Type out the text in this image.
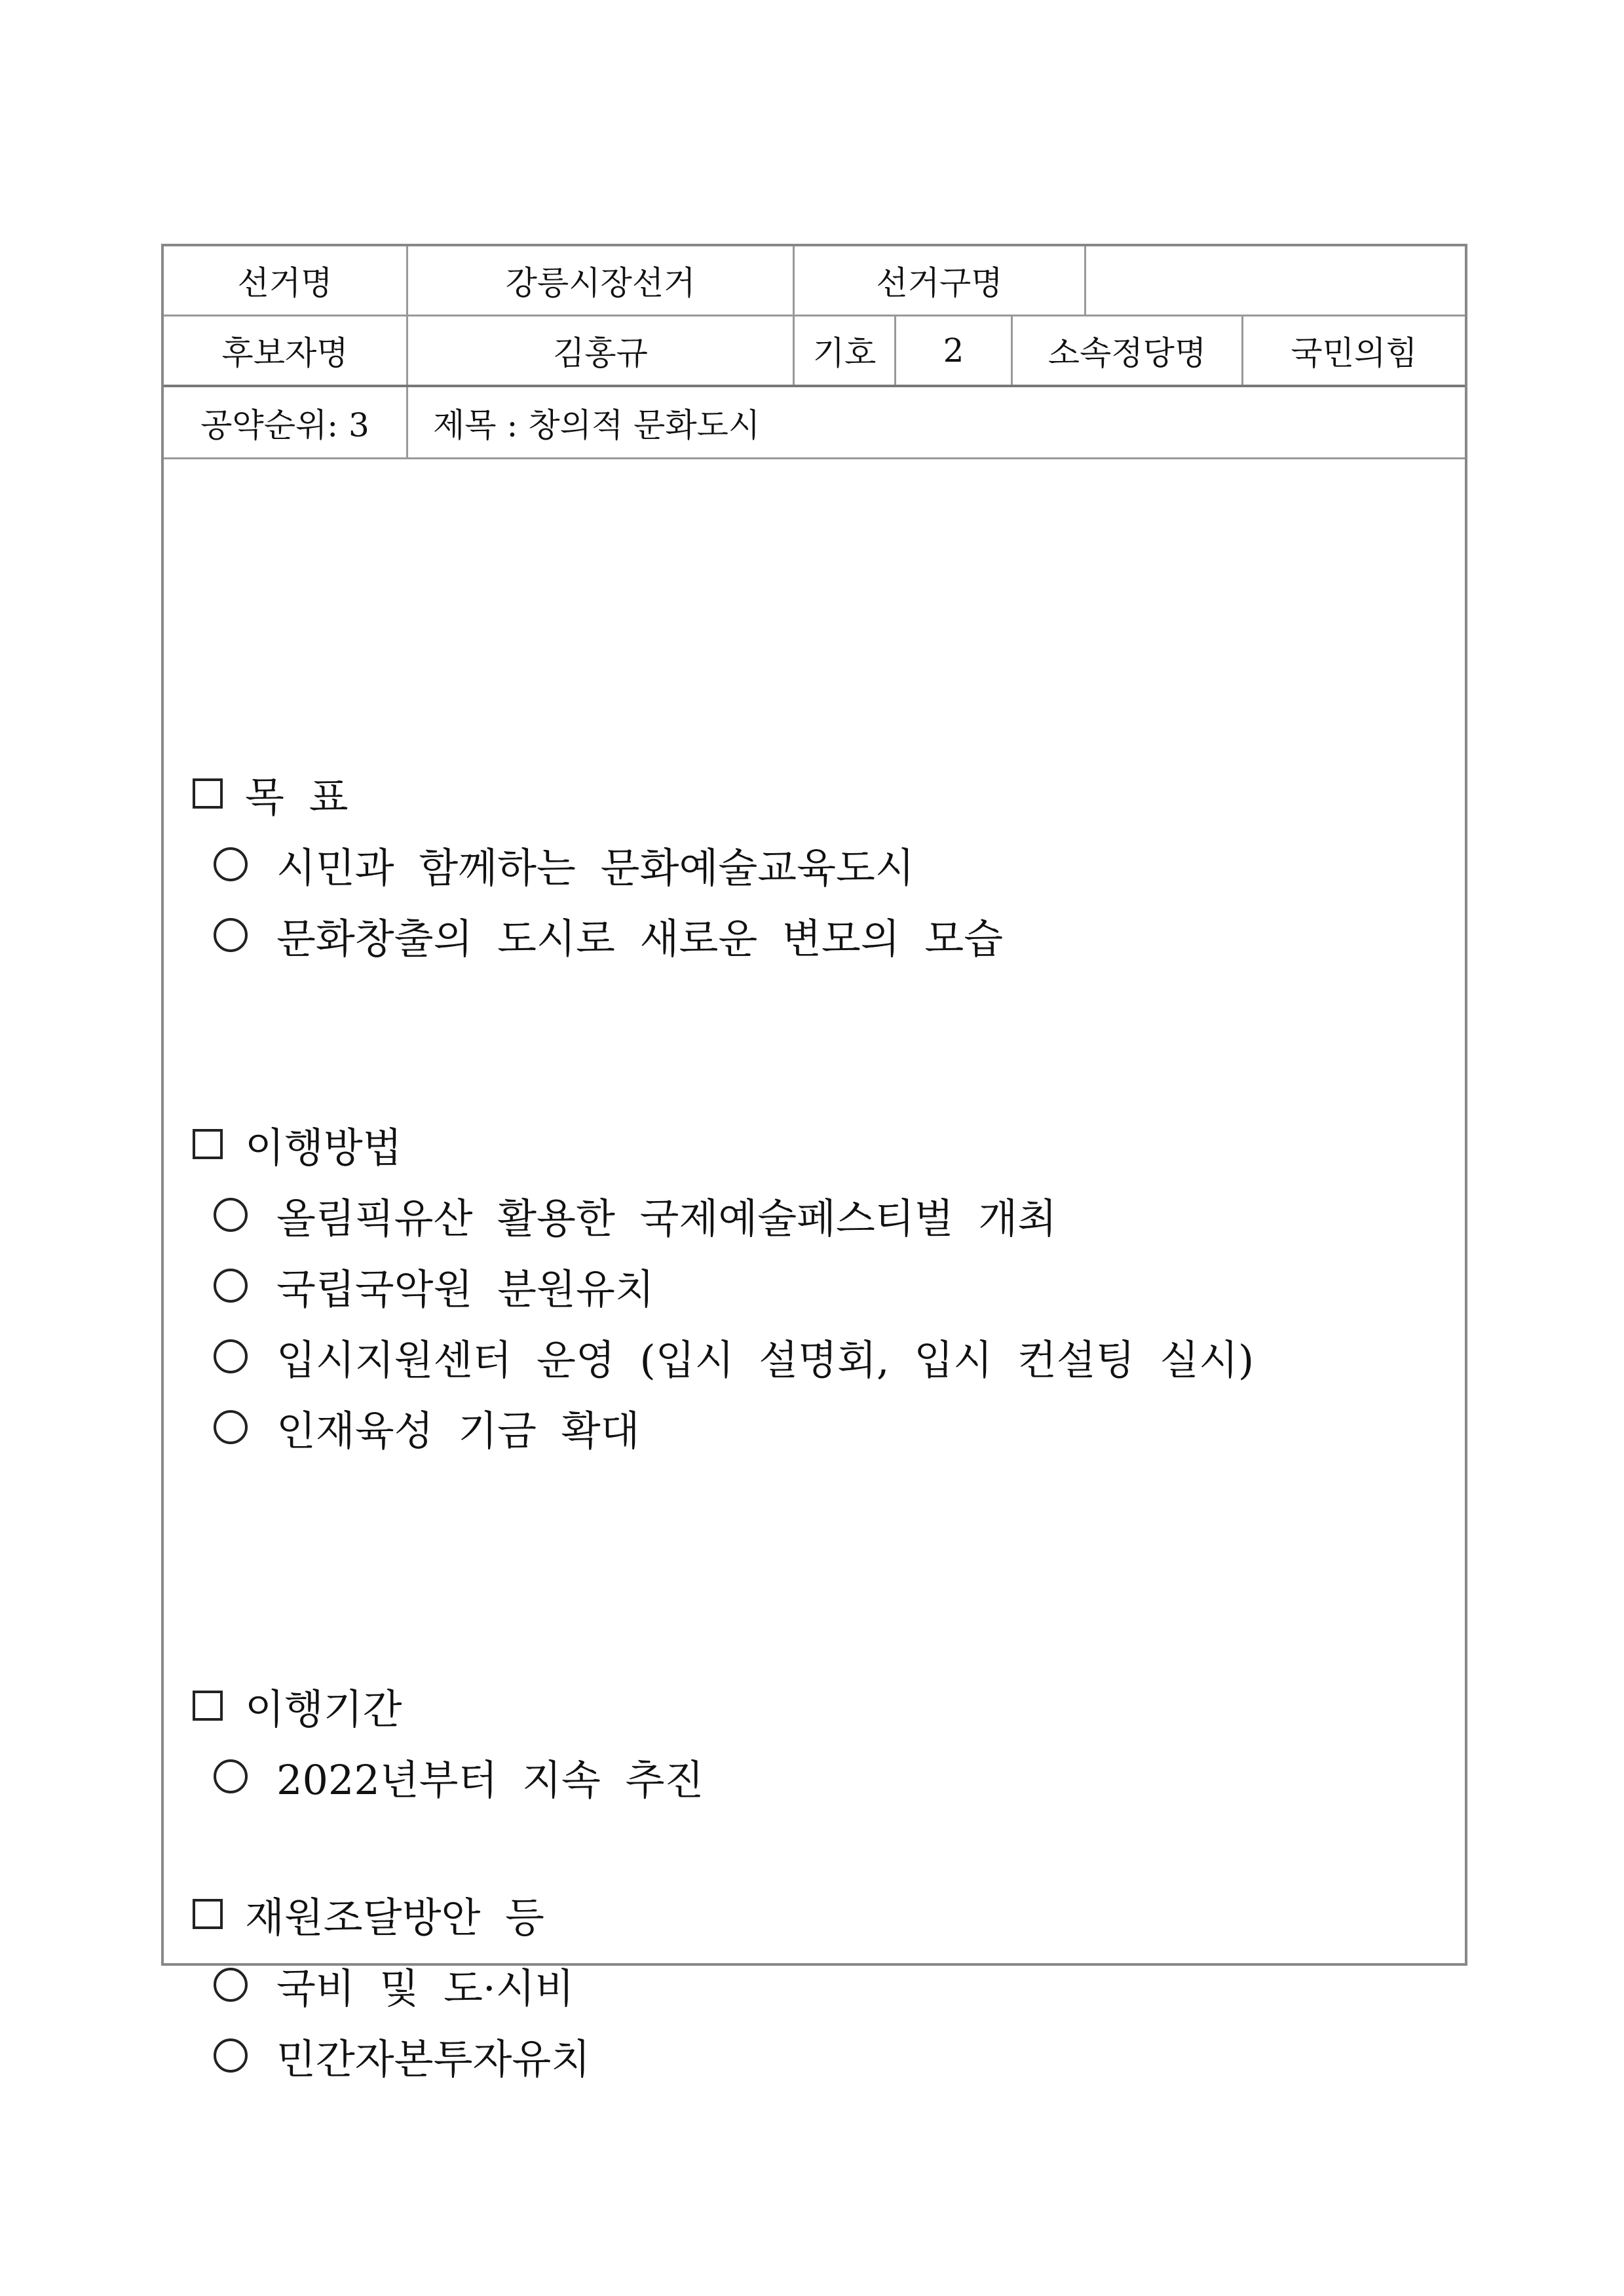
선거명	강릉시장선거	선거구명
후보자명	김홍규	기호	2	소속정당명	국민의힘
공약순위: 3	제목 : 창의적 문화도시
목 표
시민과 함께하는 문화예술교육도시
문화창출의 도시로 새로운 변모의 모습
이행방법
올림픽유산 활용한 국제예술페스티벌 개최
국립국악원 분원유치
입시지원센터 운영 (입시 설명회, 입시 컨설팅 실시)
인재육성 기금 확대
이행기간
2022년부터 지속 추진
재원조달방안 등
국비 및 도·시비
민간자본투자유치
